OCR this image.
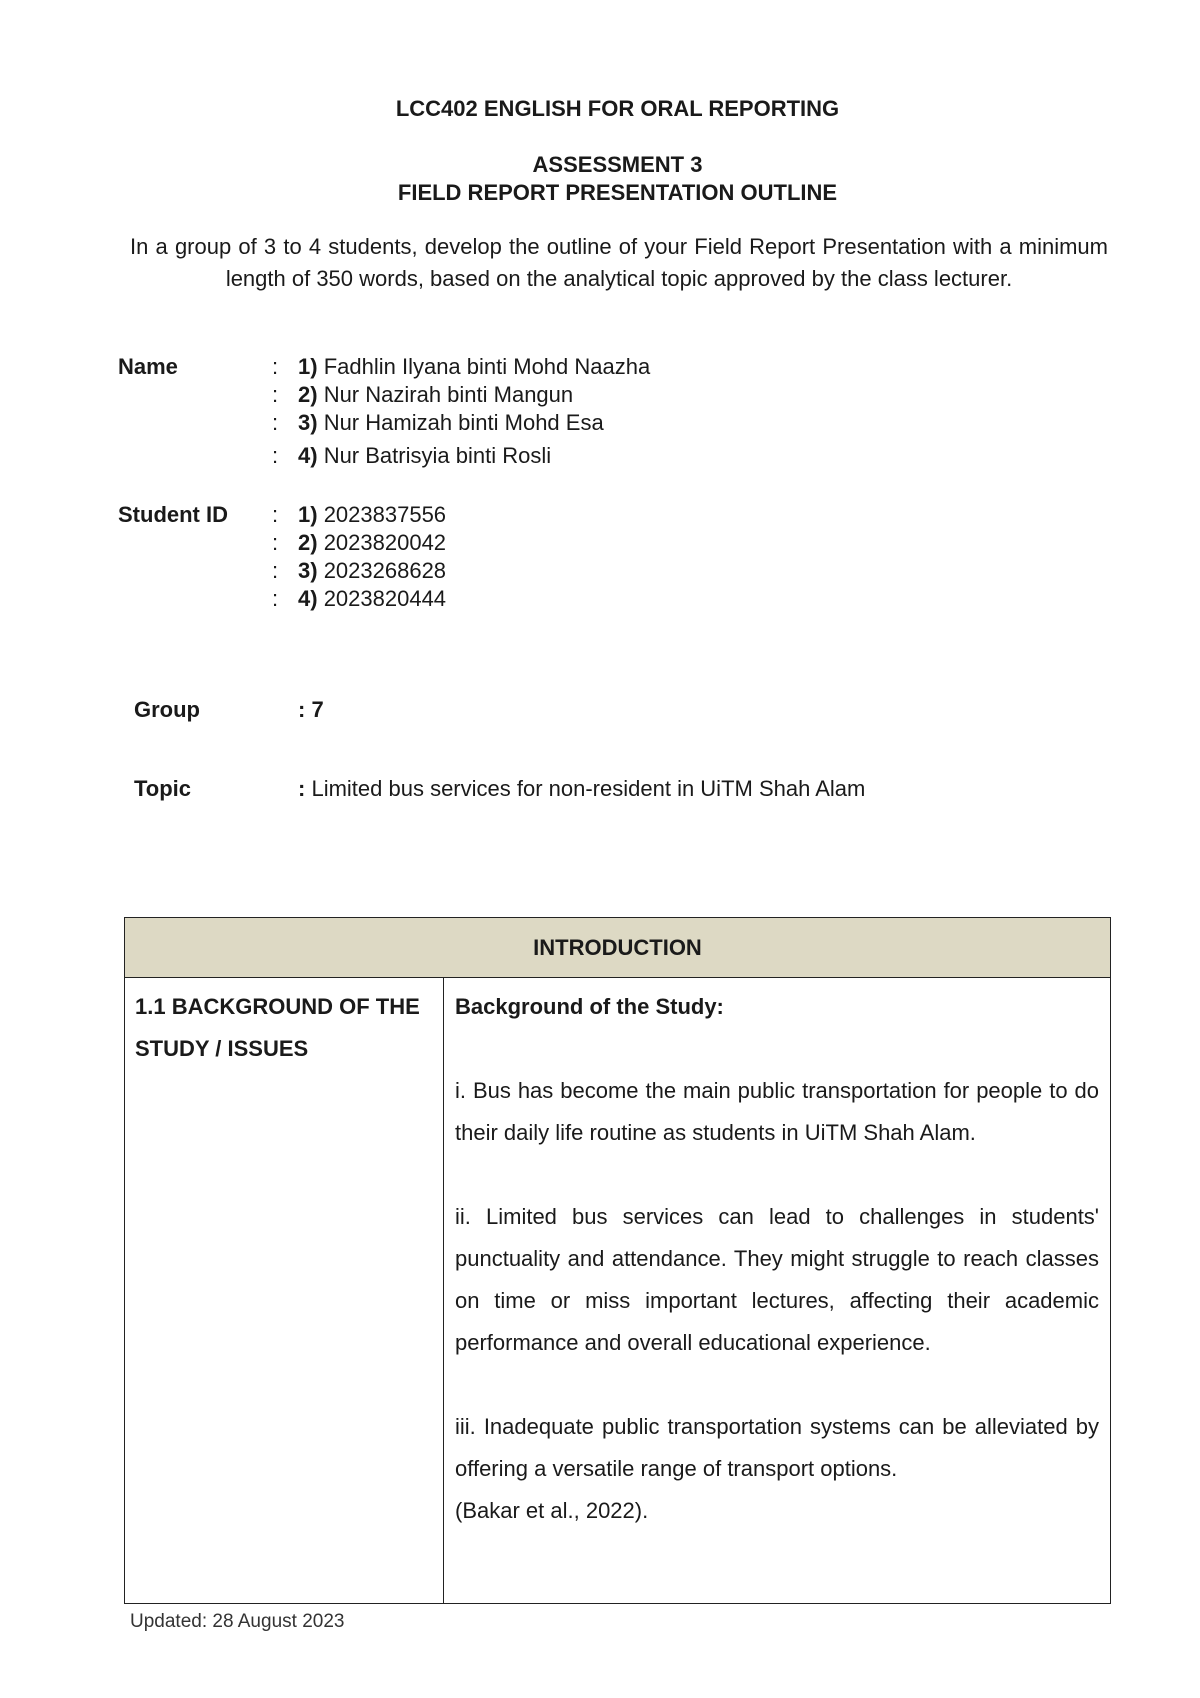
LCC402 ENGLISH FOR ORAL REPORTING
ASSESSMENT 3
FIELD REPORT PRESENTATION OUTLINE
In a group of 3 to 4 students, develop the outline of your Field Report Presentation with a minimum length of 350 words, based on the analytical topic approved by the class lecturer.
Name	: 1) Fadhlin Ilyana binti Mohd Naazha
: 2) Nur Nazirah binti Mangun
: 3) Nur Hamizah binti Mohd Esa
: 4) Nur Batrisyia binti Rosli
Student ID : 1) 2023837556
: 2) 2023820042
: 3) 2023268628
: 4) 2023820444
Group	: 7
Topic	: Limited bus services for non-resident in UiTM Shah Alam
INTRODUCTION
1.1 BACKGROUND OF THE STUDY / ISSUES	

Background of the Study:

i. Bus has become the main public transportation for people to do their daily life routine as students in UiTM Shah Alam.

ii. Limited bus services can lead to challenges in students' punctuality and attendance. They might struggle to reach classes on time or miss important lectures, affecting their academic performance and overall educational experience.

iii. Inadequate public transportation systems can be alleviated by offering a versatile range of transport options.
(Bakar et al., 2022).

Updated: 28 August 2023
